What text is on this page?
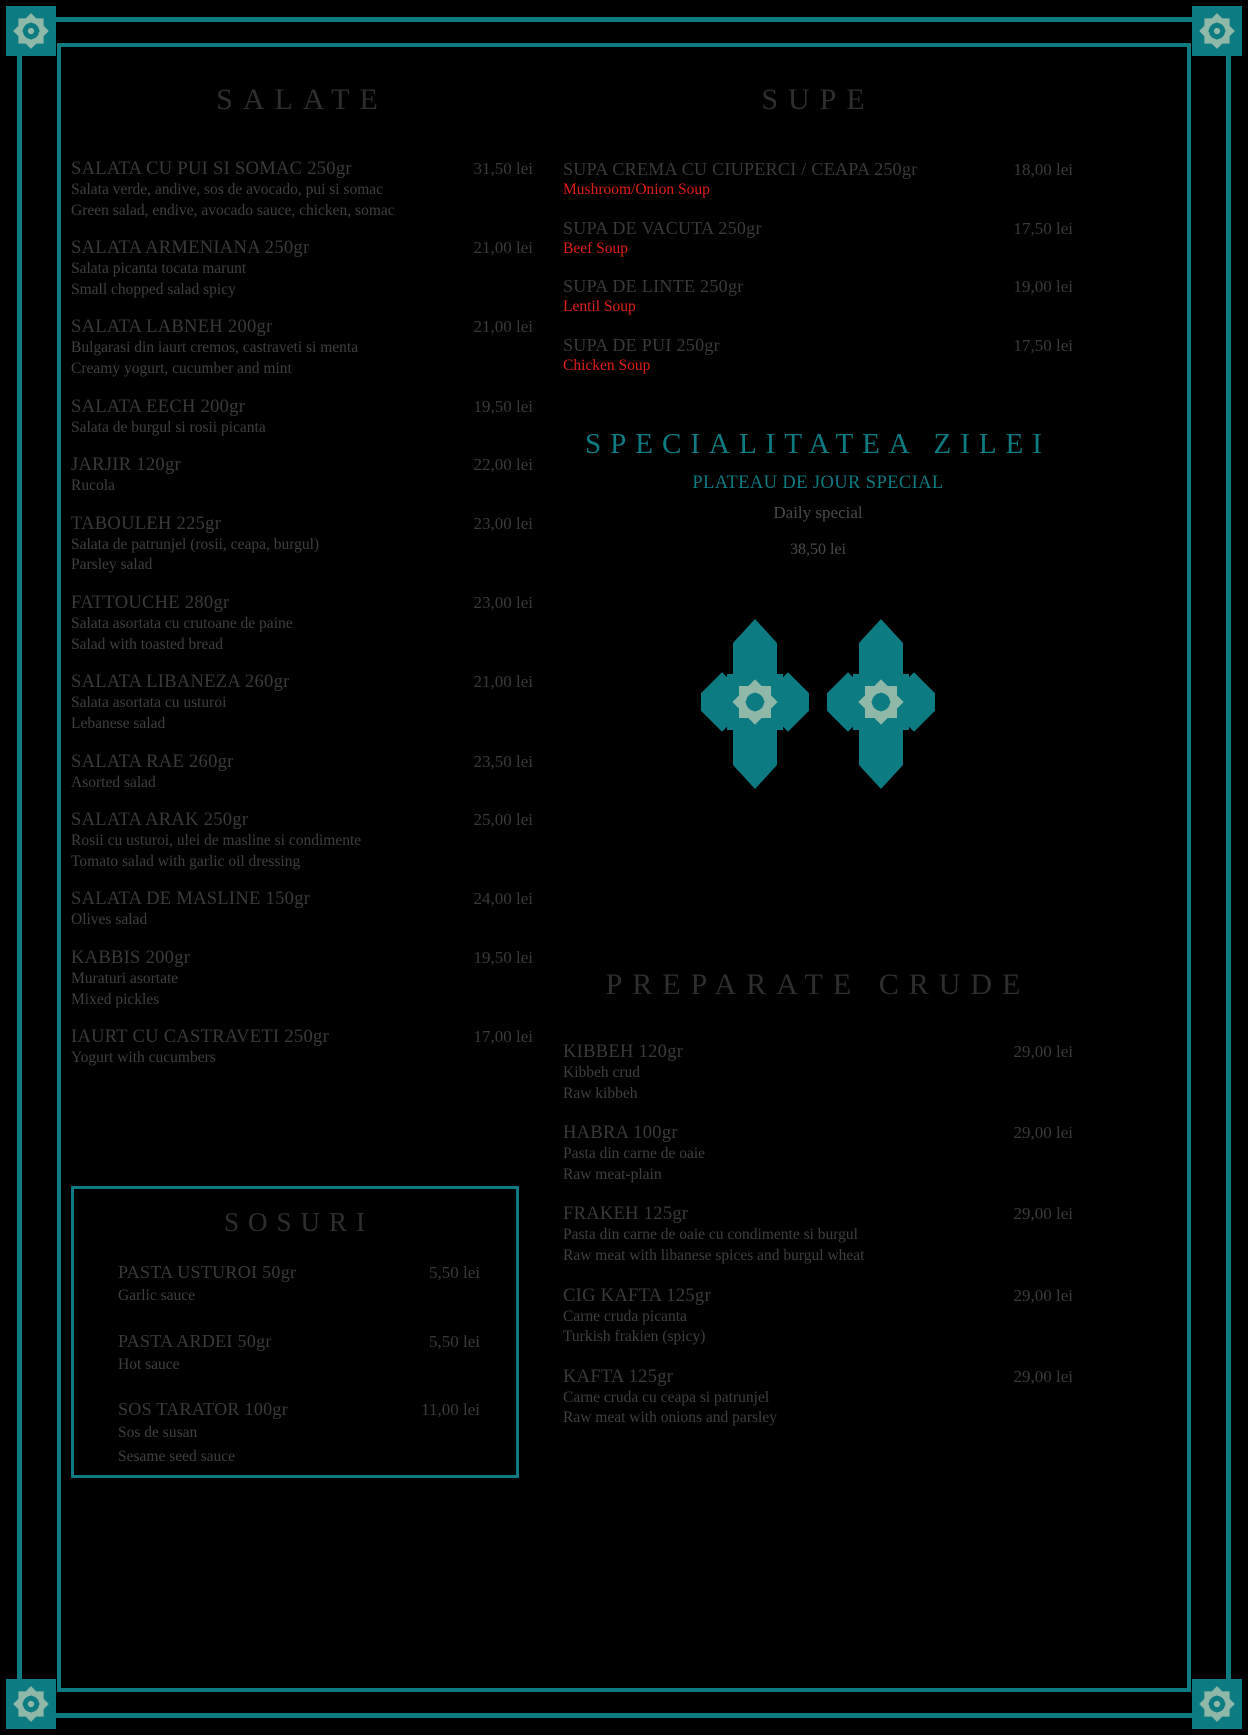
SALATE
SALATA CU PUI SI SOMAC 250gr	31,50 lei
Salata verde, andive, sos de avocado, pui si somac
Green salad, endive, avocado sauce, chicken, somac
SALATA ARMENIANA 250gr	21,00 lei
Salata picanta tocata marunt
Small chopped salad spicy
SALATA LABNEH 200gr	21,00 lei
Bulgarasi din iaurt cremos, castraveti si menta
Creamy yogurt, cucumber and mint
SALATA EECH 200gr	19,50 lei
Salata de burgul si rosii picanta
JARJIR 120gr	22,00 lei
Rucola
TABOULEH 225gr	23,00 lei
Salata de patrunjel (rosii, ceapa, burgul)
Parsley salad
FATTOUCHE 280gr	23,00 lei
Salata asortata cu crutoane de paine
Salad with toasted bread
SALATA LIBANEZA 260gr	21,00 lei
Salata asortata cu usturoi
Lebanese salad
SALATA RAE 260gr	23,50 lei
Asorted salad
SALATA ARAK 250gr	25,00 lei
Rosii cu usturoi, ulei de masline si condimente
Tomato salad with garlic oil dressing
SALATA DE MASLINE 150gr	24,00 lei
Olives salad
KABBIS 200gr	19,50 lei
Muraturi asortate
Mixed pickles
IAURT CU CASTRAVETI 250gr	17,00 lei
Yogurt with cucumbers
SUPE
SUPA CREMA CU CIUPERCI / CEAPA 250gr	18,00 lei
Mushroom/Onion Soup
SUPA DE VACUTA 250gr	17,50 lei
Beef Soup
SUPA DE LINTE 250gr	19,00 lei
Lentil Soup
SUPA DE PUI 250gr	17,50 lei
Chicken Soup
SPECIALITATEA ZILEI
PLATEAU DE JOUR SPECIAL
Daily special
38,50 lei
SOSURI
PASTA USTUROI 50gr	5,50 lei
Garlic sauce
PASTA ARDEI 50gr	5,50 lei
Hot sauce
SOS TARATOR 100gr	11,00 lei
Sos de susan
Sesame seed sauce
PREPARATE CRUDE
KIBBEH 120gr	29,00 lei
Kibbeh crud
Raw kibbeh
HABRA 100gr	29,00 lei
Pasta din carne de oaie
Raw meat-plain
FRAKEH 125gr	29,00 lei
Pasta din carne de oaie cu condimente si burgul
Raw meat with libanese spices and burgul wheat
CIG KAFTA 125gr	29,00 lei
Carne cruda picanta
Turkish frakien (spicy)
KAFTA 125gr	29,00 lei
Carne cruda cu ceapa si patrunjel
Raw meat with onions and parsley
